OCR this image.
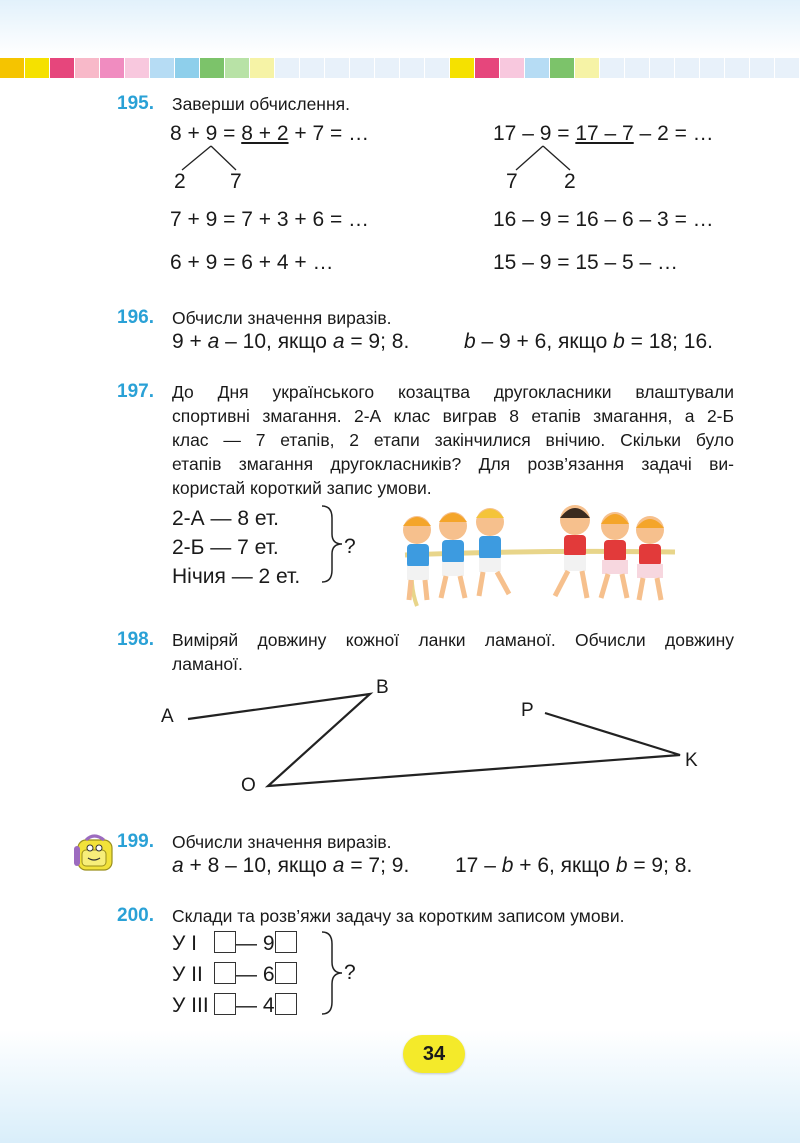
195. Заверши обчислення.
8 + 9 = 8 + 2 + 7 = …
2 7
7 + 9 = 7 + 3 + 6 = …
6 + 9 = 6 + 4 + …
17 – 9 = 17 – 7 – 2 = …
7 2
16 – 9 = 16 – 6 – 3 = …
15 – 9 = 15 – 5 – …
196. Обчисли значення виразів.
9 + a – 10, якщо a = 9; 8.	b – 9 + 6, якщо b = 18; 16.
197. До Дня українського козацтва другокласники влаштували
спортивні змагання. 2-А клас виграв 8 етапів змагання, а 2-Б
клас — 7 етапів, 2 етапи закінчилися внічию. Скільки було
етапів змагання другокласників? Для розв’язання задачі ви-
користай короткий запис умови.
2-А — 8 ет.
2-Б — 7 ет.
Нічия — 2 ет.
?
198. Виміряй довжину кожної ланки ламаної. Обчисли довжину
ламаної.
A
B
O
P
K
199. Обчисли значення виразів.
a + 8 – 10, якщо a = 7; 9. 17 – b + 6, якщо b = 9; 8.
200. Склади та розв’яжи задачу за коротким записом умови.
У I — 9
У II — 6
У III — 4
?
34
